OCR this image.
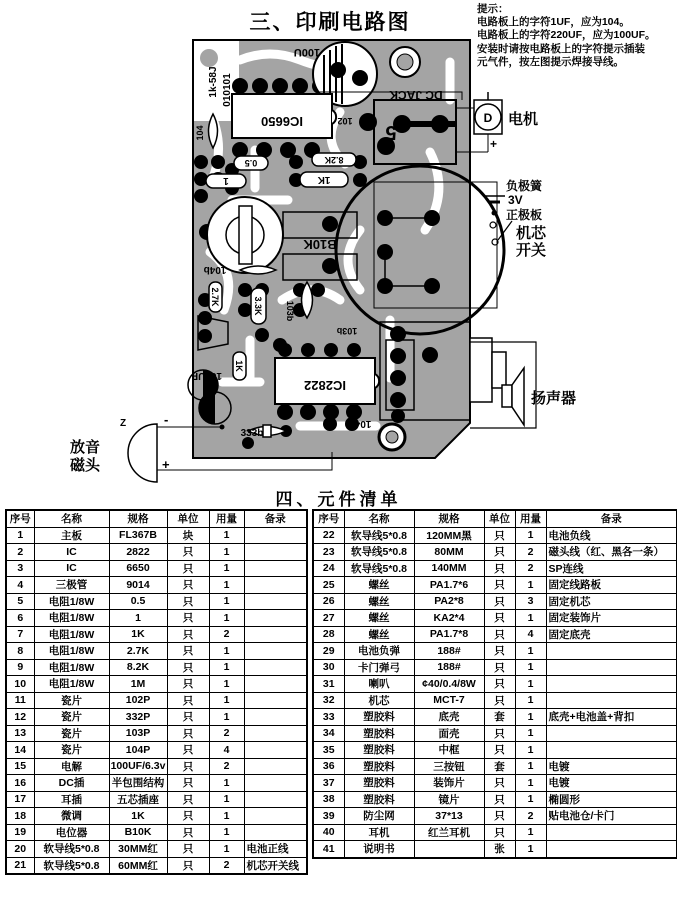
100U
1k-58J 010101
104
DC JACK
5
102
IC6650
8.2K
0.5
1	1K
B10K
104b
2.7K	3.3K 103b
1K
103b
IC2822
100UF
333b
104b
电机
D
+
负极簧
3V
正极板
机芯
开关
扬声器
放音
磁头
Z	-
+
三、印刷电路图
提示：
电路板上的字符1UF，应为104。
电路板上的字符220UF，应为100UF。
安装时请按电路板上的字符提示插装
元气件，按左图提示焊接导线。
四、元件清单
序号	名称	规格	单位	用量	备录
1	主板	FL367B	块	1	
2	IC	2822	只	1	
3	IC	6650	只	1	
4	三极管	9014	只	1	
5	电阻1/8W	0.5	只	1	
6	电阻1/8W	1	只	1	
7	电阻1/8W	1K	只	2	
8	电阻1/8W	2.7K	只	1	
9	电阻1/8W	8.2K	只	1	
10	电阻1/8W	1M	只	1	
11	瓷片	102P	只	1	
12	瓷片	332P	只	1	
13	瓷片	103P	只	2	
14	瓷片	104P	只	4	
15	电解	100UF/6.3v	只	2	
16	DC插	半包围结构	只	1	
17	耳插	五芯插座	只	1	
18	微调	1K	只	1	
19	电位器	B10K	只	1	
20	软导线5*0.8	30MM红	只	1	电池正线
21	软导线5*0.8	60MM红	只	2	机芯开关线
序号	名称	规格	单位	用量	备录
22	软导线5*0.8	120MM黑	只	1	电池负线
23	软导线5*0.8	80MM	只	2	磁头线（红、黑各一条）
24	软导线5*0.8	140MM	只	2	SP连线
25	螺丝	PA1.7*6	只	1	固定线路板
26	螺丝	PA2*8	只	3	固定机芯
27	螺丝	KA2*4	只	1	固定装饰片
28	螺丝	PA1.7*8	只	4	固定底壳
29	电池负弹	188#	只	1	
30	卡门弹弓	188#	只	1	
31	喇叭	¢40/0.4/8W	只	1	
32	机芯	MCT-7	只	1	
33	塑胶料	底壳	套	1	底壳+电池盖+背扣
34	塑胶料	面壳	只	1	
35	塑胶料	中框	只	1	
36	塑胶料	三按钮	套	1	电镀
37	塑胶料	装饰片	只	1	电镀
38	塑胶料	镜片	只	1	椭圆形
39	防尘网	37*13	只	2	贴电池仓/卡门
40	耳机	红兰耳机	只	1	
41	说明书		张	1	
